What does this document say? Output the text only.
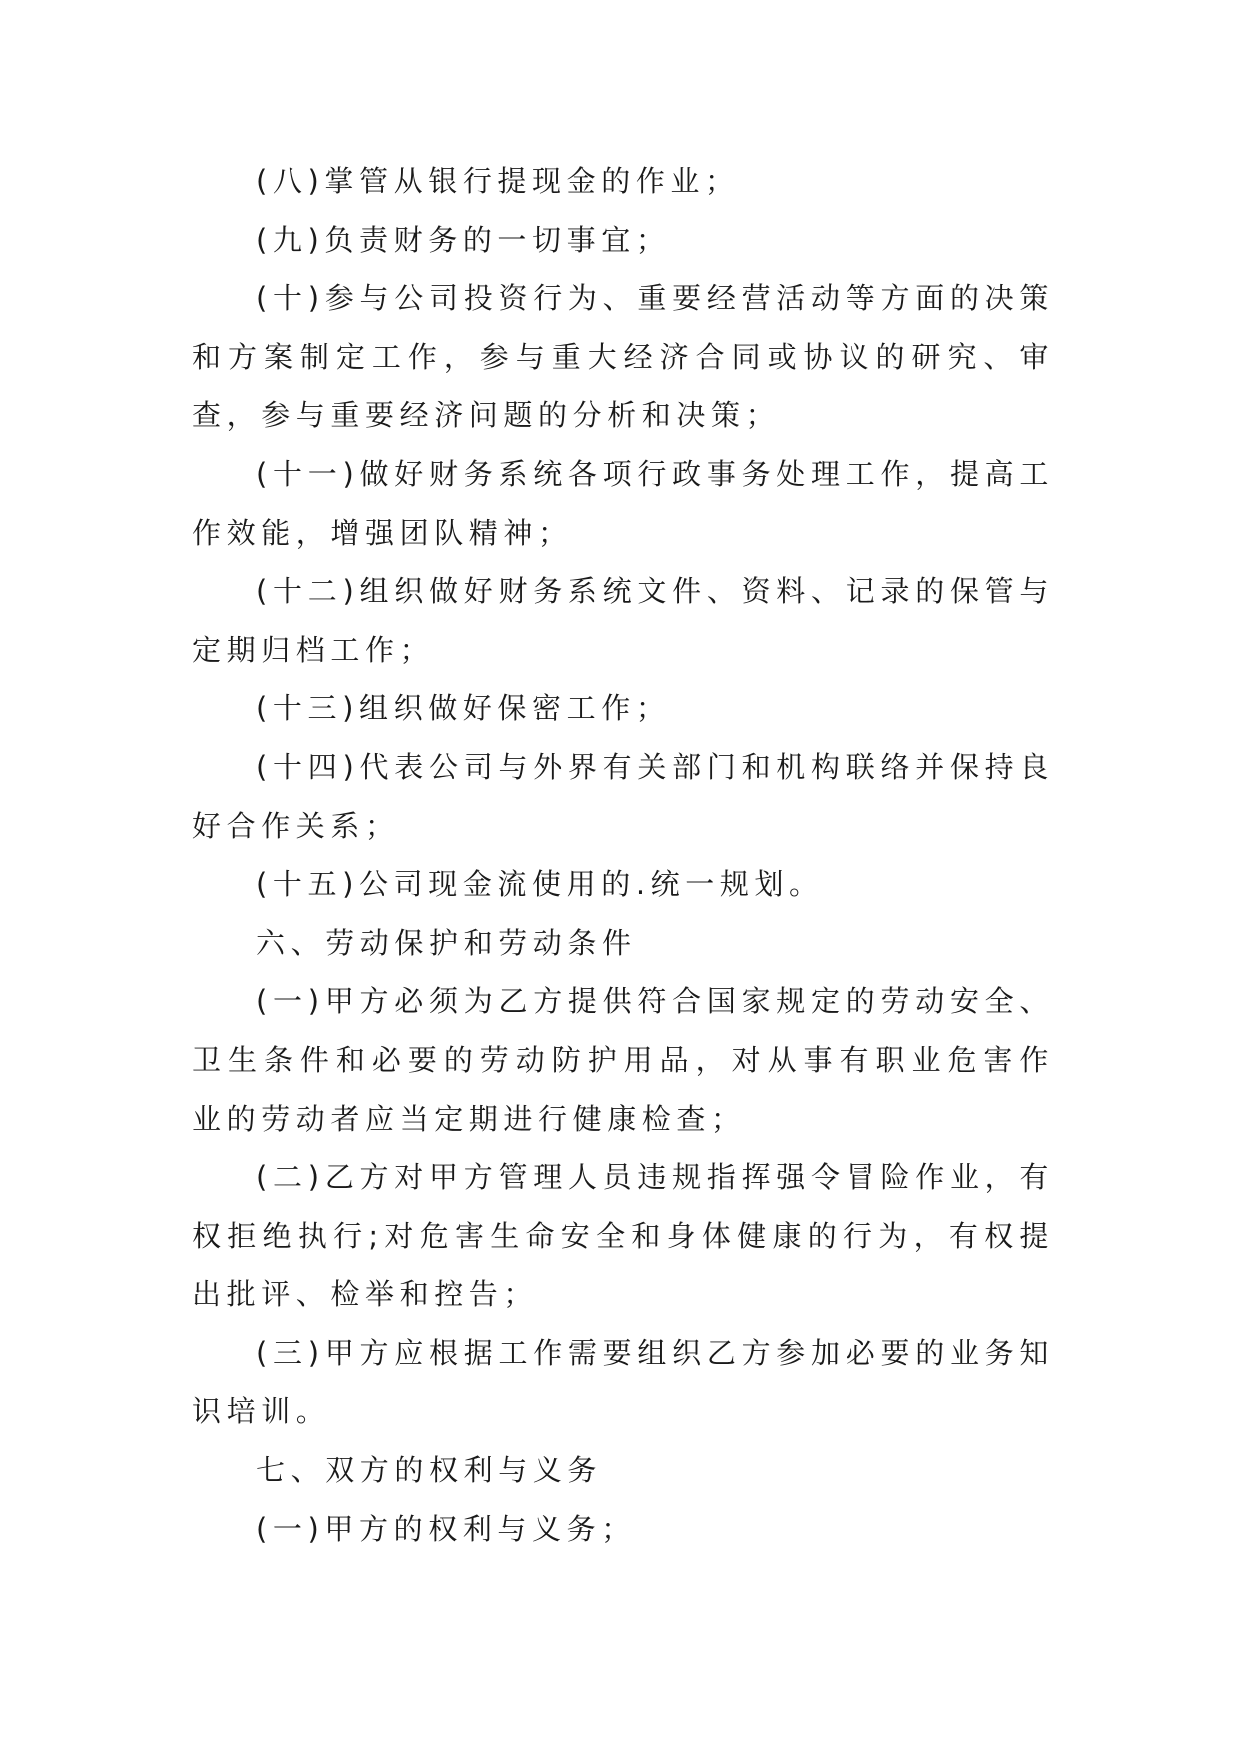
(八)掌管从银行提现金的作业；

(九)负责财务的一切事宜；

(十)参与公司投资行为、重要经营活动等方面的决策和方案制定工作，参与重大经济合同或协议的研究、审查，参与重要经济问题的分析和决策；

(十一)做好财务系统各项行政事务处理工作，提高工作效能，增强团队精神；

(十二)组织做好财务系统文件、资料、记录的保管与定期归档工作；

(十三)组织做好保密工作；

(十四)代表公司与外界有关部门和机构联络并保持良好合作关系；

(十五)公司现金流使用的.统一规划。

六、劳动保护和劳动条件

(一)甲方必须为乙方提供符合国家规定的劳动安全、卫生条件和必要的劳动防护用品，对从事有职业危害作业的劳动者应当定期进行健康检查；

(二)乙方对甲方管理人员违规指挥强令冒险作业，有权拒绝执行;对危害生命安全和身体健康的行为，有权提出批评、检举和控告；

(三)甲方应根据工作需要组织乙方参加必要的业务知识培训。

七、双方的权利与义务

(一)甲方的权利与义务；
